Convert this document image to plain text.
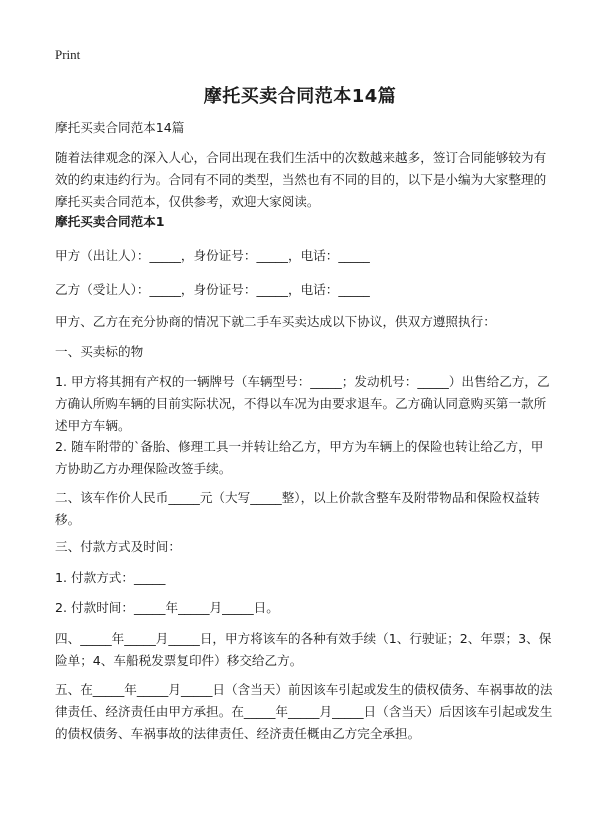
Print
摩托买卖合同范本14篇

摩托买卖合同范本14篇

随着法律观念的深入人心，合同出现在我们生活中的次数越来越多，签订合同能够较为有效的约束违约行为。合同有不同的类型，当然也有不同的目的，以下是小编为大家整理的摩托买卖合同范本，仅供参考，欢迎大家阅读。

摩托买卖合同范本1

甲方（出让人）：_____，身份证号：_____，电话：_____

乙方（受让人）：_____，身份证号：_____，电话：_____

甲方、乙方在充分协商的情况下就二手车买卖达成以下协议，供双方遵照执行：

一、买卖标的物

1. 甲方将其拥有产权的一辆牌号（车辆型号：_____；发动机号：_____）出售给乙方，乙方确认所购车辆的目前实际状况，不得以车况为由要求退车。乙方确认同意购买第一款所述甲方车辆。

2. 随车附带的`备胎、修理工具一并转让给乙方，甲方为车辆上的保险也转让给乙方，甲方协助乙方办理保险改签手续。

二、该车作价人民币_____元（大写_____整），以上价款含整车及附带物品和保险权益转移。

三、付款方式及时间：

1. 付款方式：_____

2. 付款时间：_____年_____月_____日。

四、_____年_____月_____日，甲方将该车的各种有效手续（1、行驶证；2、年票；3、保险单；4、车船税发票复印件）移交给乙方。

五、在_____年_____月_____日（含当天）前因该车引起或发生的债权债务、车祸事故的法律责任、经济责任由甲方承担。在_____年_____月_____日（含当天）后因该车引起或发生的债权债务、车祸事故的法律责任、经济责任概由乙方完全承担。
